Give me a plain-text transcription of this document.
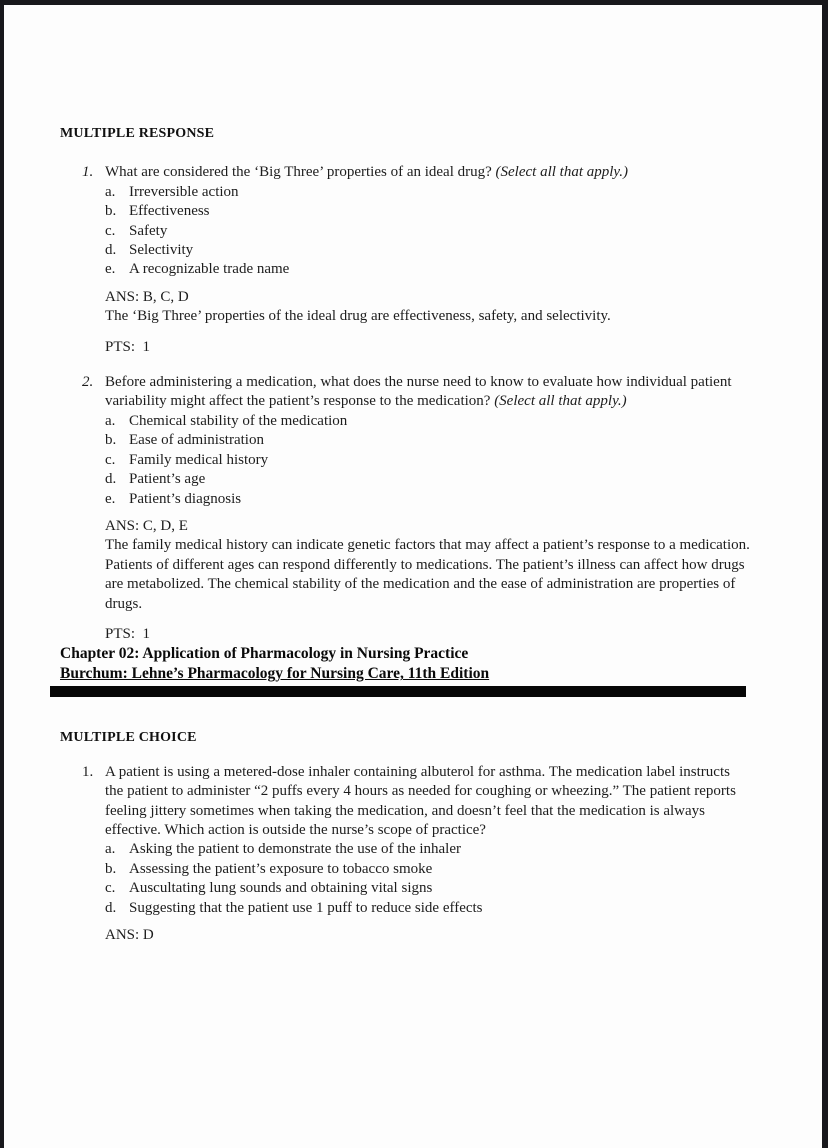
MULTIPLE RESPONSE
1. What are considered the ‘Big Three’ properties of an ideal drug? (Select all that apply.)
a. Irreversible action
b. Effectiveness
c. Safety
d. Selectivity
e. A recognizable trade name
ANS: B, C, D
The ‘Big Three’ properties of the ideal drug are effectiveness, safety, and selectivity.
PTS:  1
2. Before administering a medication, what does the nurse need to know to evaluate how individual patient variability might affect the patient’s response to the medication? (Select all that apply.)
a. Chemical stability of the medication
b. Ease of administration
c. Family medical history
d. Patient’s age
e. Patient’s diagnosis
ANS: C, D, E
The family medical history can indicate genetic factors that may affect a patient’s response to a medication. Patients of different ages can respond differently to medications. The patient’s illness can affect how drugs are metabolized. The chemical stability of the medication and the ease of administration are properties of drugs.
PTS:  1
Chapter 02: Application of Pharmacology in Nursing Practice
Burchum: Lehne’s Pharmacology for Nursing Care, 11th Edition
MULTIPLE CHOICE
1. A patient is using a metered-dose inhaler containing albuterol for asthma. The medication label instructs the patient to administer “2 puffs every 4 hours as needed for coughing or wheezing.” The patient reports feeling jittery sometimes when taking the medication, and doesn’t feel that the medication is always effective. Which action is outside the nurse’s scope of practice?
a. Asking the patient to demonstrate the use of the inhaler
b. Assessing the patient’s exposure to tobacco smoke
c. Auscultating lung sounds and obtaining vital signs
d. Suggesting that the patient use 1 puff to reduce side effects
ANS: D
